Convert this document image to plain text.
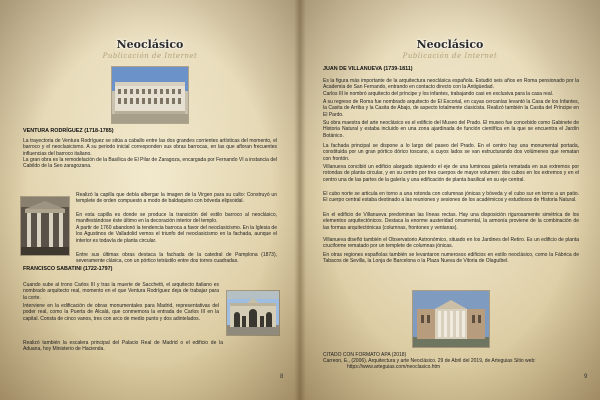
Neoclásico
Publicación de Internet
VENTURA RODRÍGUEZ (1718-1785)
La trayectoria de Ventura Rodríguez se sitúa a caballo entre las dos grandes corrientes artísticas del momento, el barroco y el neoclasicismo. A su periodo inicial corresponden sus obras barrocas, en las que afloran frecuentes influencias del barroco italiano.
La gran obra es la remodelación de la Basílica de El Pilar de Zaragoza, encargada por Fernando VI a instancia del Cabildo de la Seo zaragozana.
Realizó la capilla que debía albergar la imagen de la Virgen para su culto: Construyó un templete de orden compuesto a modo de baldaquino con bóveda elipsoidal.
En esta capilla es donde se produce la transición del estilo barroco al neoclásico, manifestándose éste último en la decoración interior del templo.
A partir de 1760 abandonó la tendencia barroca a favor del neoclasicismo. En la Iglesia de los Agustinos de Valladolid vemos el triunfo del neoclasicismo en la fachada, aunque el interior es todavía de planta circular.
Entre sus últimas obras destaca la fachada de la catedral de Pamplona (1873), severamente clásica, con un pórtico tetrástilo entre dos torres cuadradas.
FRANCISCO SABATINI (1722-1797)
Cuando sube al trono Carlos III y tras la muerte de Sacchetti, el arquitecto italiano es nombrado arquitecto real, momento en el que Ventura Rodríguez deja de trabajar para la corte.
Interviene en la edificación de obras monumentales para Madrid, representativas del poder real, como la Puerta de Alcalá, que conmemora la entrada de Carlos III en la capital. Consta de cinco vanos, tres con arco de medio punto y dos adintelados.
Realizó también la escalera principal del Palacio Real de Madrid o el edificio de la Aduana, hoy Ministerio de Hacienda.
8
Neoclásico
Publicación de Internet
JUAN DE VILLANUEVA (1739-1811)
Es la figura más importante de la arquitectura neoclásica española. Estudió seis años en Roma pensionado por la Academia de San Fernando, entrando en contacto directo con la Antigüedad.
Carlos III le nombró arquitecto del príncipe y los infantes, trabajando casi en exclusiva para la casa real.
A su regreso de Roma fue nombrado arquitecto de El Escorial, en cuyas cercanías levantó la Casa de los Infantes, la Casita de Arriba y la Casita de Abajo, de aspecto totalmente clasicista. Realizó también la Casita del Príncipe en El Pardo.
Su obra maestra del arte neoclásico es el edificio del Museo del Prado. El museo fue concebido como Gabinete de Historia Natural y estaba incluido en una zona ajardinada de función científica en la que se encuentra el Jardín Botánico.
La fachada principal se dispone a lo largo del paseo del Prado. En el centro hay una monumental portada, constituida por un gran pórtico dórico toscano, a cuyos lados se van estructurando dos volúmenes que rematan con frontón.
Villanueva concibió un edificio alargado siguiendo el eje de una luminosa galería rematada en sus extremos por rotondas de planta circular, y en su centro por tres cuerpos de mayor volumen: dos cubos en los extremos y en el centro una de las partes de la galería y una edificación de planta basilical en su eje central.
El cubo norte se articula en torno a una rotonda con columnas jónicas y bóveda y el cubo sur en torno a un patio. El cuerpo central estaba destinado a las reuniones y sesiones de los académicos y estudiosos de Historia Natural.
En el edificio de Villanueva predominan las líneas rectas. Hay una disposición rigurosamente simétrica de los elementos arquitectónicos. Destaca la enorme austeridad ornamental, la armonía proviene de la combinación de las formas arquitectónicas (columnas, frontones y ventanas).
Villanueva diseñó también el Observatorio Astronómico, situado en los Jardines del Retiro. Es un edificio de planta cruciforme rematado por un templete de columnas jónicas.
En otras regiones españolas también se levantaron numerosos edificios en estilo neoclásico, como la Fábrica de Tabacos de Sevilla, la Lonja de Barcelona o la Plaza Nueva de Vitoria de Olaguíbel.
CITADO CON FORMATO APA (2018)
Carreon, E., (2006). Arquitectura y arte Neoclásico. 29 de Abril del 2019, de Arteguias Sitio web:
https://www.arteguias.com/neoclasico.htm
9
